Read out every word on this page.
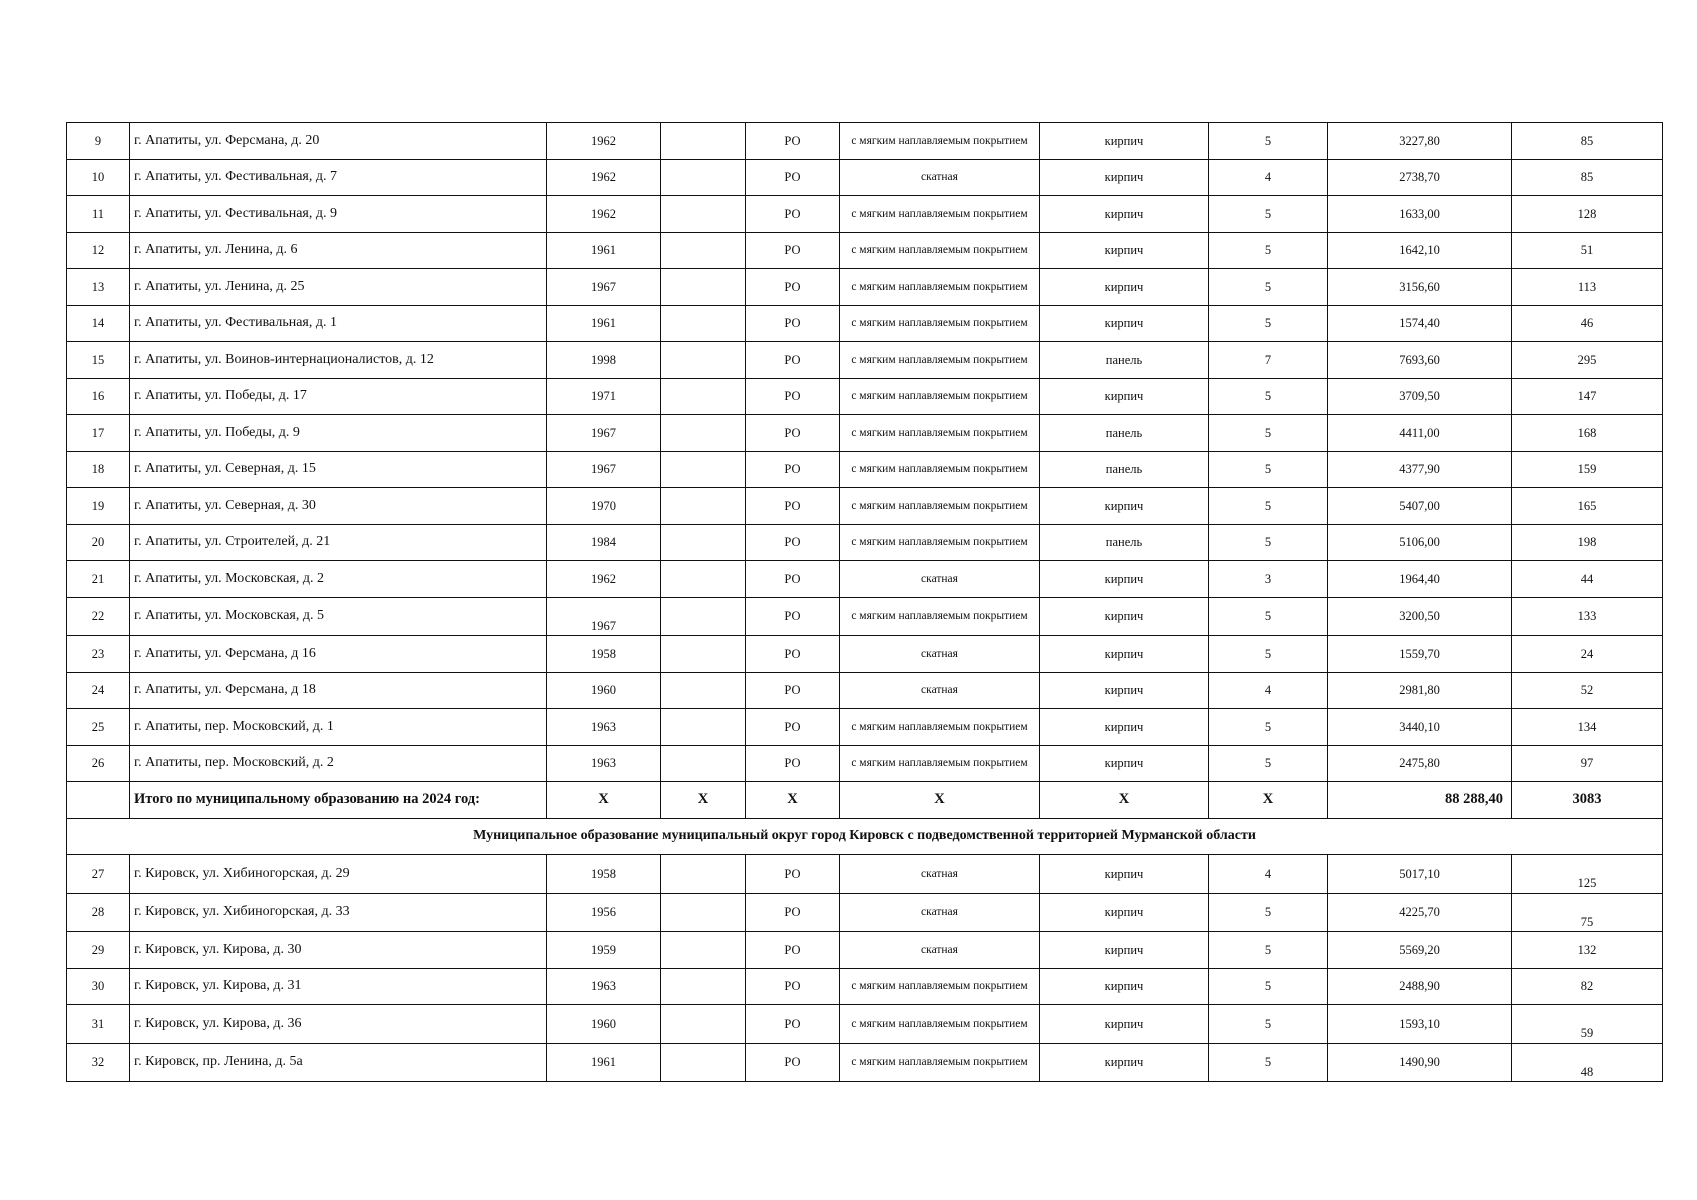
9	г. Апатиты, ул. Ферсмана, д. 20	1962		РО	с мягким наплавляемым покрытием	кирпич	5	3227,80	85
10	г. Апатиты, ул. Фестивальная, д. 7	1962		РО	скатная	кирпич	4	2738,70	85
11	г. Апатиты, ул. Фестивальная, д. 9	1962		РО	с мягким наплавляемым покрытием	кирпич	5	1633,00	128
12	г. Апатиты, ул. Ленина, д. 6	1961		РО	с мягким наплавляемым покрытием	кирпич	5	1642,10	51
13	г. Апатиты, ул. Ленина, д. 25	1967		РО	с мягким наплавляемым покрытием	кирпич	5	3156,60	113
14	г. Апатиты, ул. Фестивальная, д. 1	1961		РО	с мягким наплавляемым покрытием	кирпич	5	1574,40	46
15	г. Апатиты, ул. Воинов-интернационалистов, д. 12	1998		РО	с мягким наплавляемым покрытием	панель	7	7693,60	295
16	г. Апатиты, ул. Победы, д. 17	1971		РО	с мягким наплавляемым покрытием	кирпич	5	3709,50	147
17	г. Апатиты, ул. Победы, д. 9	1967		РО	с мягким наплавляемым покрытием	панель	5	4411,00	168
18	г. Апатиты, ул. Северная, д. 15	1967		РО	с мягким наплавляемым покрытием	панель	5	4377,90	159
19	г. Апатиты, ул. Северная, д. 30	1970		РО	с мягким наплавляемым покрытием	кирпич	5	5407,00	165
20	г. Апатиты, ул. Строителей, д. 21	1984		РО	с мягким наплавляемым покрытием	панель	5	5106,00	198
21	г. Апатиты, ул. Московская, д. 2	1962		РО	скатная	кирпич	3	1964,40	44
22	г. Апатиты, ул. Московская, д. 5	1967		РО	с мягким наплавляемым покрытием	кирпич	5	3200,50	133
23	г. Апатиты, ул. Ферсмана, д 16	1958		РО	скатная	кирпич	5	1559,70	24
24	г. Апатиты, ул. Ферсмана, д 18	1960		РО	скатная	кирпич	4	2981,80	52
25	г. Апатиты, пер. Московский, д. 1	1963		РО	с мягким наплавляемым покрытием	кирпич	5	3440,10	134
26	г. Апатиты, пер. Московский, д. 2	1963		РО	с мягким наплавляемым покрытием	кирпич	5	2475,80	97
	Итого по муниципальному образованию на 2024 год:	X	X	X	X	X	X	88 288,40	3083
Муниципальное образование муниципальный округ город Кировск с подведомственной территорией Мурманской области									
27	г. Кировск, ул. Хибиногорская, д. 29	1958		РО	скатная	кирпич	4	5017,10	125
28	г. Кировск, ул. Хибиногорская, д. 33	1956		РО	скатная	кирпич	5	4225,70	75
29	г. Кировск, ул. Кирова, д. 30	1959		РО	скатная	кирпич	5	5569,20	132
30	г. Кировск, ул. Кирова, д. 31	1963		РО	с мягким наплавляемым покрытием	кирпич	5	2488,90	82
31	г. Кировск, ул. Кирова, д. 36	1960		РО	с мягким наплавляемым покрытием	кирпич	5	1593,10	59
32	г. Кировск, пр. Ленина, д. 5а	1961		РО	с мягким наплавляемым покрытием	кирпич	5	1490,90	48
